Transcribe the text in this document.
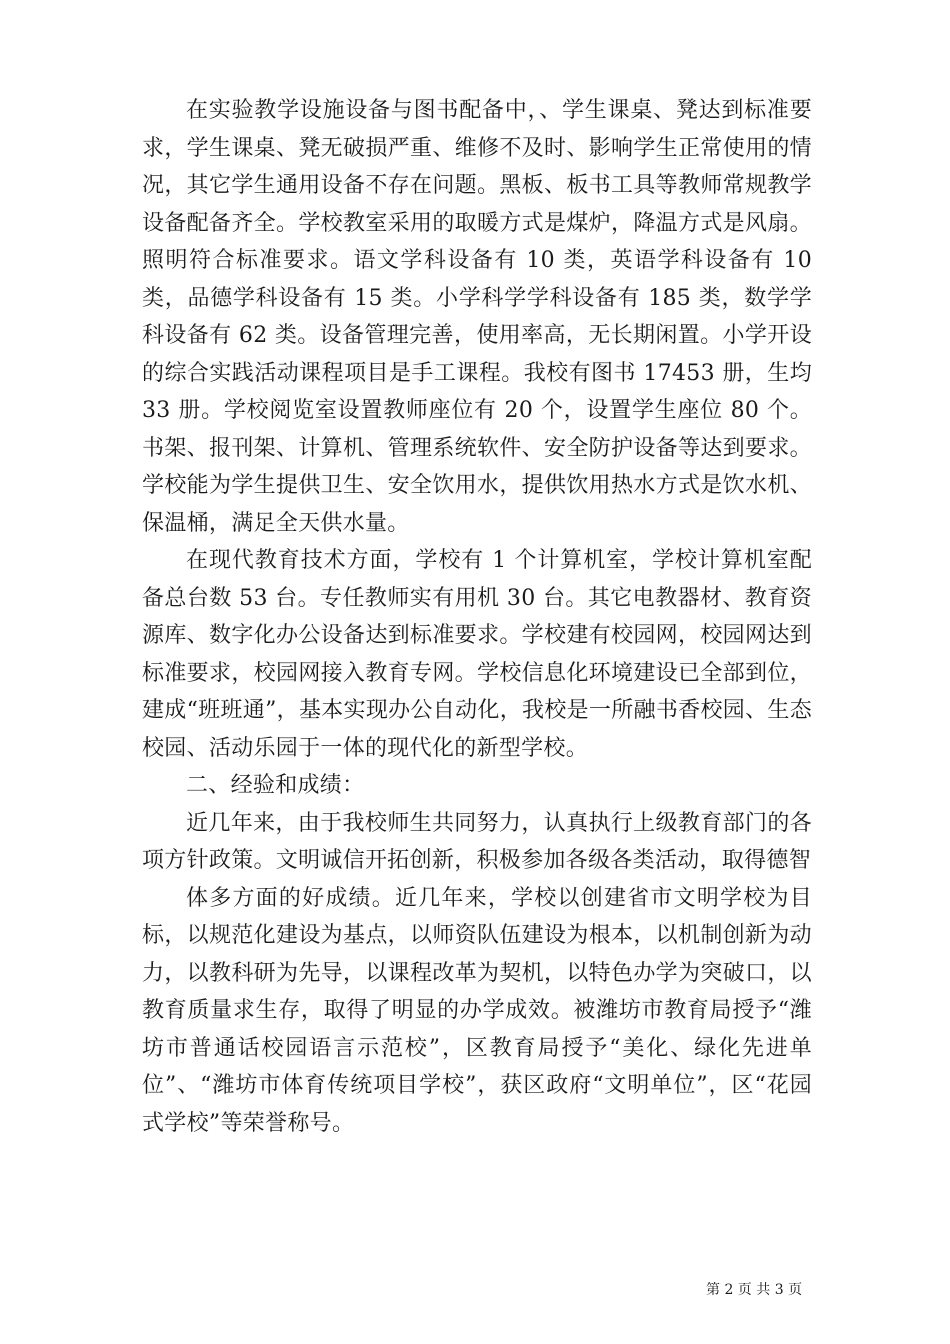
在实验教学设施设备与图书配备中，、学生课桌、凳达到标准要求，学生课桌、凳无破损严重、维修不及时、影响学生正常使用的情况，其它学生通用设备不存在问题。黑板、板书工具等教师常规教学设备配备齐全。学校教室采用的取暖方式是煤炉，降温方式是风扇。照明符合标准要求。语文学科设备有 10 类，英语学科设备有 10 类，品德学科设备有 15 类。小学科学学科设备有 185 类，数学学科设备有 62 类。设备管理完善，使用率高，无长期闲置。小学开设的综合实践活动课程项目是手工课程。我校有图书 17453 册，生均 33 册。学校阅览室设置教师座位有 20 个，设置学生座位 80 个。书架、报刊架、计算机、管理系统软件、安全防护设备等达到要求。学校能为学生提供卫生、安全饮用水，提供饮用热水方式是饮水机、保温桶，满足全天供水量。

在现代教育技术方面，学校有 1 个计算机室，学校计算机室配备总台数 53 台。专任教师实有用机 30 台。其它电教器材、教育资源库、数字化办公设备达到标准要求。学校建有校园网，校园网达到标准要求，校园网接入教育专网。学校信息化环境建设已全部到位，建成“班班通”，基本实现办公自动化，我校是一所融书香校园、生态校园、活动乐园于一体的现代化的新型学校。

二、经验和成绩：

近几年来，由于我校师生共同努力，认真执行上级教育部门的各项方针政策。文明诚信开拓创新，积极参加各级各类活动，取得德智

体多方面的好成绩。近几年来，学校以创建省市文明学校为目标，以规范化建设为基点，以师资队伍建设为根本，以机制创新为动力，以教科研为先导，以课程改革为契机，以特色办学为突破口，以教育质量求生存，取得了明显的办学成效。被潍坊市教育局授予“潍坊市普通话校园语言示范校”，区教育局授予“美化、绿化先进单位”、“潍坊市体育传统项目学校”，获区政府“文明单位”，区“花园式学校”等荣誉称号。

第 2 页 共 3 页
